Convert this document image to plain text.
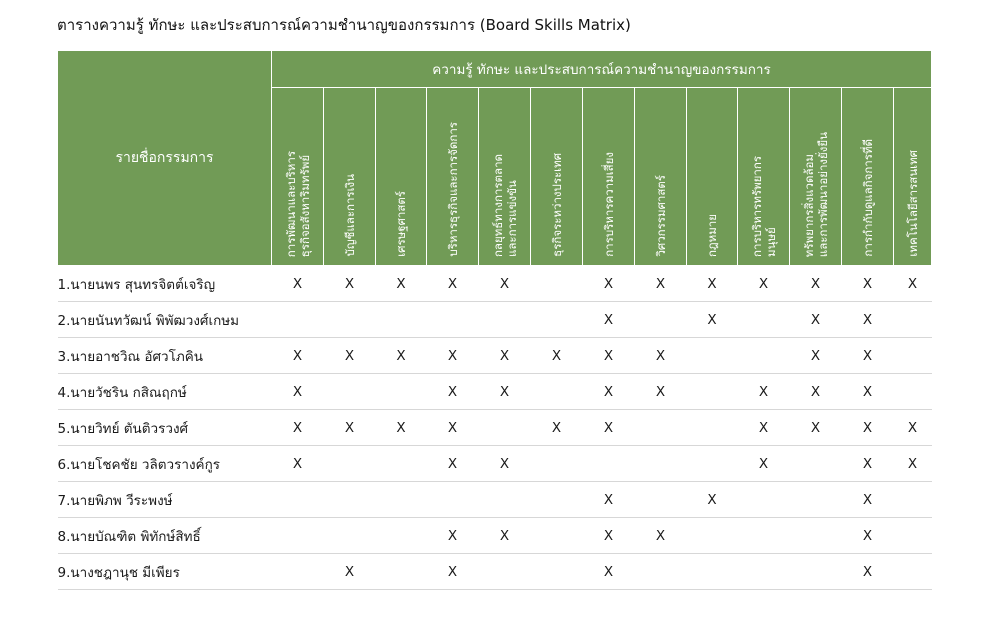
ตารางความรู้ ทักษะ และประสบการณ์ความชำนาญของกรรมการ (Board Skills Matrix)
รายชื่อกรรมการ	ความรู้ ทักษะ และประสบการณ์ความชำนาญของกรรมการ												

	การพัฒนาและบริหาร
ธุรกิจอสังหาริมทรัพย์	บัญชีและการเงิน	เศรษฐศาสตร์	บริหารธุรกิจและการจัดการ	กลยุทธ์ทางการตลาด
และการแข่งขัน	ธุรกิจระหว่างประเทศ	การบริหารความเสี่ยง	วิศวกรรมศาสตร์	กฎหมาย	การบริหารทรัพยากร
มนุษย์	ทรัพยากรสิ่งแวดล้อม
และการพัฒนาอย่างยั่งยืน	การกำกับดูแลกิจการที่ดี	เทคโนโลยีสารสนเทศ

1.นายนพร สุนทรจิตต์เจริญ	X	X	X	X	X		X	X	X	X	X	X	X
2.นายนันทวัฒน์ พิพัฒวงศ์เกษม							X		X		X	X	
3.นายอาชวิณ อัศวโภคิน	X	X	X	X	X	X	X	X			X	X	
4.นายวัชริน กสิณฤกษ์	X			X	X		X	X		X	X	X	
5.นายวิทย์ ตันติวรวงศ์	X	X	X	X		X	X			X	X	X	X
6.นายโชคชัย วลิตวรางค์กูร	X			X	X					X		X	X
7.นายพิภพ วีระพงษ์							X		X			X	
8.นายบัณฑิต พิทักษ์สิทธิ์				X	X		X	X				X	
9.นางชฎานุช มีเพียร		X		X			X					X	
